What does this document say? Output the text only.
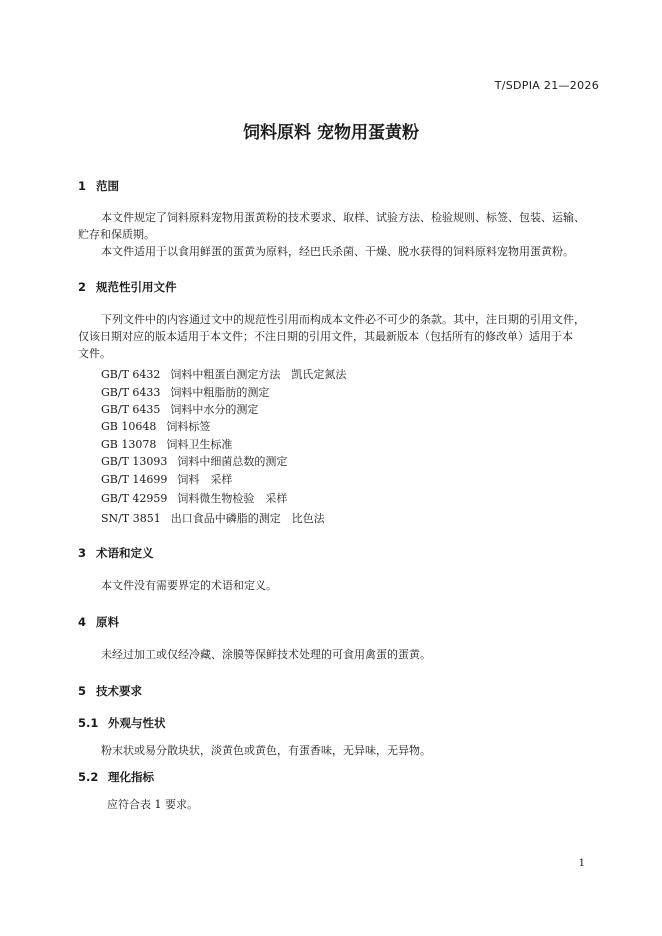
T/SDPIA 21—2026
饲料原料 宠物用蛋黄粉
1 范围
本文件规定了饲料原料宠物用蛋黄粉的技术要求、取样、试验方法、检验规则、标签、包装、运输、
贮存和保质期。
本文件适用于以食用鲜蛋的蛋黄为原料，经巴氏杀菌、干燥、脱水获得的饲料原料宠物用蛋黄粉。
2 规范性引用文件
下列文件中的内容通过文中的规范性引用而构成本文件必不可少的条款。其中，注日期的引用文件，
仅该日期对应的版本适用于本文件；不注日期的引用文件，其最新版本（包括所有的修改单）适用于本
文件。
GB/T 6432 饲料中粗蛋白测定方法　凯氏定氮法
GB/T 6433 饲料中粗脂肪的测定
GB/T 6435 饲料中水分的测定
GB 10648 饲料标签
GB 13078 饲料卫生标准
GB/T 13093 饲料中细菌总数的测定
GB/T 14699 饲料　采样
GB/T 42959 饲料微生物检验　采样
SN/T 3851 出口食品中磷脂的测定　比色法
3 术语和定义
本文件没有需要界定的术语和定义。
4 原料
未经过加工或仅经冷藏、涂膜等保鲜技术处理的可食用禽蛋的蛋黄。
5 技术要求
5.1 外观与性状
粉末状或易分散块状，淡黄色或黄色，有蛋香味，无异味，无异物。
5.2 理化指标
应符合表 1 要求。
1
